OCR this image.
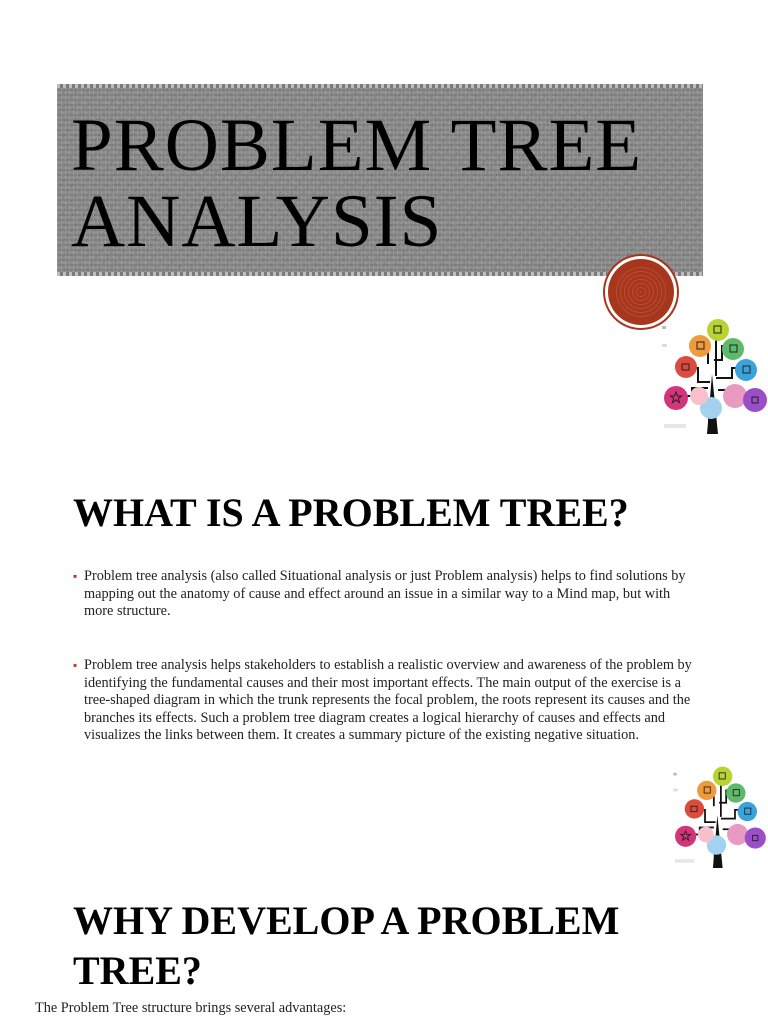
PROBLEM TREE
ANALYSIS
WHAT IS A PROBLEM TREE?
▪ Problem tree analysis (also called Situational analysis or just Problem analysis) helps to find solutions by mapping out the anatomy of cause and effect around an issue in a similar way to a Mind map, but with more structure.
▪ Problem tree analysis helps stakeholders to establish a realistic overview and awareness of the problem by identifying the fundamental causes and their most important effects. The main output of the exercise is a tree-shaped diagram in which the trunk represents the focal problem, the roots represent its causes and the branches its effects. Such a problem tree diagram creates a logical hierarchy of causes and effects and visualizes the links between them. It creates a summary picture of the existing negative situation.
WHY DEVELOP A PROBLEM TREE?

The Problem Tree structure brings several advantages:
